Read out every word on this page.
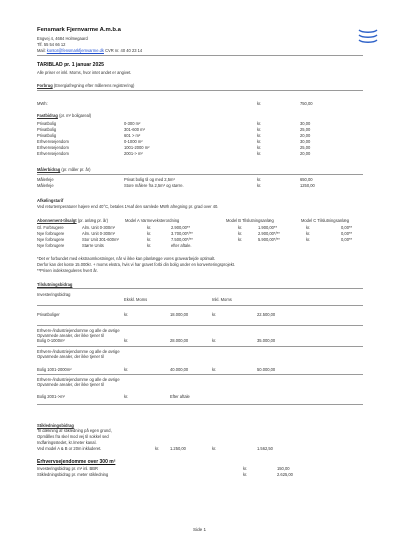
Fensmark Fjernvarme A.m.b.a
Engvej 4, 4684 Holmegaard
Tlf. 55 54 66 12
Mail: kontor@fensmarkfjernvarme.dk CVR nr. 40 40 23 14
TARIBLAD pr. 1 januar 2025
Alle priser er inkl. Moms, hvor intet andet er angivet.
Forbrug (Energiafregning efter målerens registrering)
MWh:	kr.	750,00
Fastbidrag (pr. m² boligareal)
Privatbolig	0-300 m²	kr.	30,00
Privatbolig	301-600 m²	kr.	25,00
Privatbolig	601 > m²	kr.	20,00
Erhvervsejendom	0-1000 m²	kr.	30,00
Erhvervsejendom	1001-2000 m²	kr.	25,00
Erhvervsejendom	2001-> m²	kr.	20,00
Målerbidrag (pr. måler pr. år)
Målerleje	Privat bolig til og med 2,5m³	kr.	650,00
Målerleje	Store målere fra 2,5m³ og større.	kr.	1250,00
Afkølingstarif
Ved returtemperaturer højere end 40°C, betales 1%af den samlede MWh afregning pr. grad over 40.
Abonnement-tilsalgt (pr. anlæg pr. år)	Model A Varmeveksterordning	Model B Tilslutningsanlæg	Model C Tilslutningsanlæg
Gl. Forbrugere	Alm. Unit 0-300m²	kr.	2.900,00**	kr.	1.900,00**	kr.	0,00**
Nye forbrugere	Alm. Unit 0-300m²	kr.	3.700,00*/**	kr.	2.900,00*/**	kr.	0,00**
Nye forbrugere	Stor Unit 301-600m²	kr.	7.500,00*/**	kr.	5.900,00*/**	kr.	0,00**
Nye forbrugere	Større Units	kr.	efter aftale.
*Det er forbundet med ekstraomkostninger, når vi ikke kan planlægge vores gravearbejde optimalt.
Derfor kan det koste 15.000kr. + moms ekstra, hvis vi har gravet forbi din bolig under en konverteringsprojekt.
**Prisen indeksreguleres hvert år.
Tilslutningsbidrag
Investeringsbidrag
Ekskl. Moms	Inkl. Moms
Privatboliger	kr.	18.000,00	kr.	22.500,00
Erhverv-/industriejendomme og alle de øvrige
Opvarmede arealer, der ikke tjener til
Bolig 0-1000m²	kr.	28.000,00	kr.	35.000,00
Erhverv-/industriejendomme og alle de øvrige
Opvarmede arealer, der ikke tjener til
Bolig 1001-2000m²	kr.	40.000,00	kr.	50.000,00
Erhverv-/industriejendomme og alle de øvrige
Opvarmede arealer, der ikke tjener til
Bolig 2001->m²	kr.	Efter aftale
Stikledningsbidrag
Til dækning af stikledning på egen grund,
Opmålles fra skel mod vej til sokkel sed
Indføringsstedet, kr./meter kanal.
Ved model A & B or 20m inkluderet.	kr.	1.250,00	kr.	1.562,50
Erhvervsejendomme over 300 m²
Investeringsbidrag pr. m² inl. BBR	kr.	150,00
Stikledningsbidrag pr. meter stikledning	kr.	2.625,00
Side 1
